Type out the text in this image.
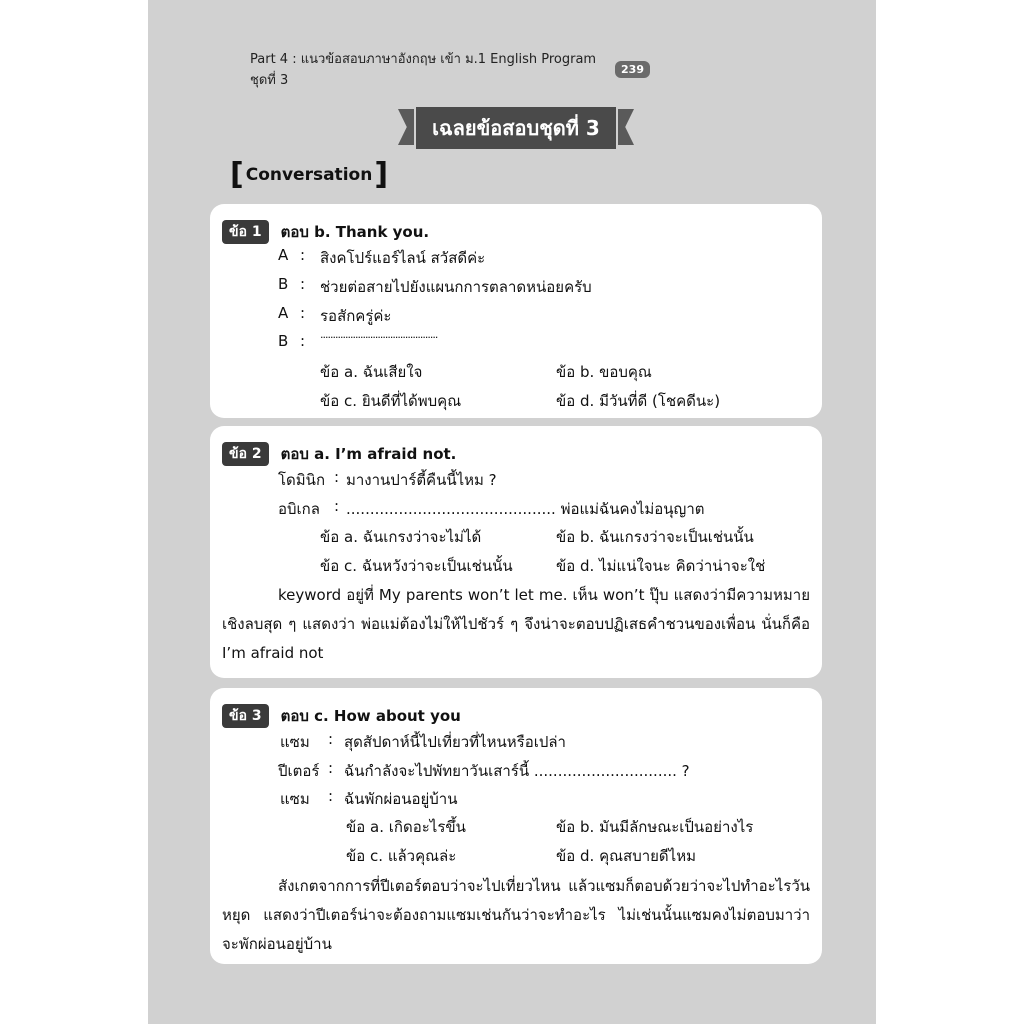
Part 4 : แนวข้อสอบภาษาอังกฤษ เข้า ม.1 English Program ชุดที่ 3
239
เฉลยข้อสอบชุดที่ 3
[ Conversation ]
ข้อ 1	ตอบ b. Thank you.
A : สิงคโปร์แอร์ไลน์ สวัสดีค่ะ
B : ช่วยต่อสายไปยังแผนกการตลาดหน่อยครับ
A : รอสักครู่ค่ะ
B : ...............................................
ข้อ a. ฉันเสียใจ	ข้อ b. ขอบคุณ
ข้อ c. ยินดีที่ได้พบคุณ	ข้อ d. มีวันที่ดี (โชคดีนะ)
ข้อ 2	ตอบ a. I’m afraid not.
โดมินิก : มางานปาร์ตี้คืนนี้ไหม ?
อบิเกล : ............................................ พ่อแม่ฉันคงไม่อนุญาต
ข้อ a. ฉันเกรงว่าจะไม่ได้	ข้อ b. ฉันเกรงว่าจะเป็นเช่นนั้น
ข้อ c. ฉันหวังว่าจะเป็นเช่นนั้น	ข้อ d. ไม่แน่ใจนะ คิดว่าน่าจะใช่
keyword อยู่ที่ My parents won’t let me. เห็น won’t ปุ๊บ แสดงว่ามีความหมายเชิงลบสุด ๆ แสดงว่า พ่อแม่ต้องไม่ให้ไปชัวร์ ๆ จึงน่าจะตอบปฏิเสธคำชวนของเพื่อน นั่นก็คือ I’m afraid not
ข้อ 3	ตอบ c. How about you
แซม : สุดสัปดาห์นี้ไปเที่ยวที่ไหนหรือเปล่า
ปีเตอร์ : ฉันกำลังจะไปพัทยาวันเสาร์นี้ .............................. ?
แซม : ฉันพักผ่อนอยู่บ้าน
ข้อ a. เกิดอะไรขึ้น	ข้อ b. มันมีลักษณะเป็นอย่างไร
ข้อ c. แล้วคุณล่ะ	ข้อ d. คุณสบายดีไหม
สังเกตจากการที่ปีเตอร์ตอบว่าจะไปเที่ยวไหน แล้วแซมก็ตอบด้วยว่าจะไปทำอะไรวันหยุด แสดงว่าปีเตอร์น่าจะต้องถามแซมเช่นกันว่าจะทำอะไร ไม่เช่นนั้นแซมคงไม่ตอบมาว่า จะพักผ่อนอยู่บ้าน
